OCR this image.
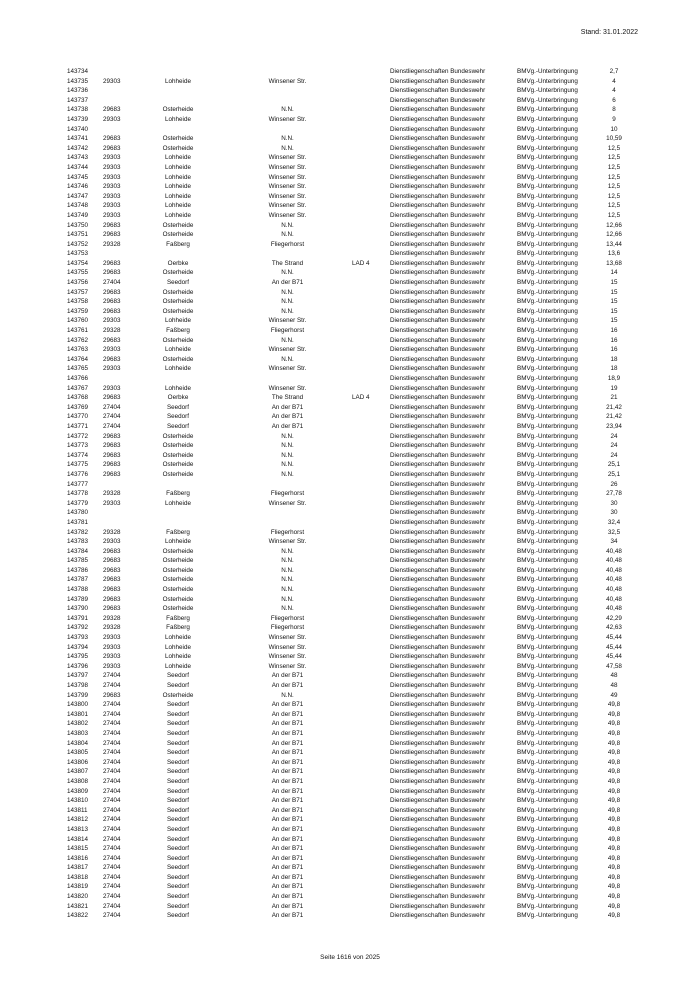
Stand: 31.01.2022
143734	Dienstliegenschaften Bundeswehr	BMVg.-Unterbringung	2,7
143735 29303	Lohheide	Winsener Str.	Dienstliegenschaften Bundeswehr	BMVg.-Unterbringung	4
143736	Dienstliegenschaften Bundeswehr	BMVg.-Unterbringung	4
143737	Dienstliegenschaften Bundeswehr	BMVg.-Unterbringung	6
143738 29683	Osterheide	N.N.	Dienstliegenschaften Bundeswehr	BMVg.-Unterbringung	8
143739 29303	Lohheide	Winsener Str.	Dienstliegenschaften Bundeswehr	BMVg.-Unterbringung	9
143740	Dienstliegenschaften Bundeswehr	BMVg.-Unterbringung	10
143741 29683	Osterheide	N.N.	Dienstliegenschaften Bundeswehr	BMVg.-Unterbringung	10,59
143742 29683	Osterheide	N.N.	Dienstliegenschaften Bundeswehr	BMVg.-Unterbringung	12,5
143743 29303	Lohheide	Winsener Str.	Dienstliegenschaften Bundeswehr	BMVg.-Unterbringung	12,5
143744 29303	Lohheide	Winsener Str.	Dienstliegenschaften Bundeswehr	BMVg.-Unterbringung	12,5
143745 29303	Lohheide	Winsener Str.	Dienstliegenschaften Bundeswehr	BMVg.-Unterbringung	12,5
143746 29303	Lohheide	Winsener Str.	Dienstliegenschaften Bundeswehr	BMVg.-Unterbringung	12,5
143747 29303	Lohheide	Winsener Str.	Dienstliegenschaften Bundeswehr	BMVg.-Unterbringung	12,5
143748 29303	Lohheide	Winsener Str.	Dienstliegenschaften Bundeswehr	BMVg.-Unterbringung	12,5
143749 29303	Lohheide	Winsener Str.	Dienstliegenschaften Bundeswehr	BMVg.-Unterbringung	12,5
143750 29683	Osterheide	N.N.	Dienstliegenschaften Bundeswehr	BMVg.-Unterbringung	12,66
143751 29683	Osterheide	N.N.	Dienstliegenschaften Bundeswehr	BMVg.-Unterbringung	12,66
143752 29328	Faßberg	Fliegerhorst	Dienstliegenschaften Bundeswehr	BMVg.-Unterbringung	13,44
143753	Dienstliegenschaften Bundeswehr	BMVg.-Unterbringung	13,6
143754 29683	Oerbke	The Strand	LAD 4	Dienstliegenschaften Bundeswehr	BMVg.-Unterbringung	13,68
143755 29683	Osterheide	N.N.	Dienstliegenschaften Bundeswehr	BMVg.-Unterbringung	14
143756 27404	Seedorf	An der B71	Dienstliegenschaften Bundeswehr	BMVg.-Unterbringung	15
143757 29683	Osterheide	N.N.	Dienstliegenschaften Bundeswehr	BMVg.-Unterbringung	15
143758 29683	Osterheide	N.N.	Dienstliegenschaften Bundeswehr	BMVg.-Unterbringung	15
143759 29683	Osterheide	N.N.	Dienstliegenschaften Bundeswehr	BMVg.-Unterbringung	15
143760 29303	Lohheide	Winsener Str.	Dienstliegenschaften Bundeswehr	BMVg.-Unterbringung	15
143761 29328	Faßberg	Fliegerhorst	Dienstliegenschaften Bundeswehr	BMVg.-Unterbringung	16
143762 29683	Osterheide	N.N.	Dienstliegenschaften Bundeswehr	BMVg.-Unterbringung	16
143763 29303	Lohheide	Winsener Str.	Dienstliegenschaften Bundeswehr	BMVg.-Unterbringung	16
143764 29683	Osterheide	N.N.	Dienstliegenschaften Bundeswehr	BMVg.-Unterbringung	18
143765 29303	Lohheide	Winsener Str.	Dienstliegenschaften Bundeswehr	BMVg.-Unterbringung	18
143766	Dienstliegenschaften Bundeswehr	BMVg.-Unterbringung	18,9
143767 29303	Lohheide	Winsener Str.	Dienstliegenschaften Bundeswehr	BMVg.-Unterbringung	19
143768 29683	Oerbke	The Strand	LAD 4	Dienstliegenschaften Bundeswehr	BMVg.-Unterbringung	21
143769 27404	Seedorf	An der B71	Dienstliegenschaften Bundeswehr	BMVg.-Unterbringung	21,42
143770 27404	Seedorf	An der B71	Dienstliegenschaften Bundeswehr	BMVg.-Unterbringung	21,42
143771 27404	Seedorf	An der B71	Dienstliegenschaften Bundeswehr	BMVg.-Unterbringung	23,94
143772 29683	Osterheide	N.N.	Dienstliegenschaften Bundeswehr	BMVg.-Unterbringung	24
143773 29683	Osterheide	N.N.	Dienstliegenschaften Bundeswehr	BMVg.-Unterbringung	24
143774 29683	Osterheide	N.N.	Dienstliegenschaften Bundeswehr	BMVg.-Unterbringung	24
143775 29683	Osterheide	N.N.	Dienstliegenschaften Bundeswehr	BMVg.-Unterbringung	25,1
143776 29683	Osterheide	N.N.	Dienstliegenschaften Bundeswehr	BMVg.-Unterbringung	25,1
143777	Dienstliegenschaften Bundeswehr	BMVg.-Unterbringung	26
143778 29328	Faßberg	Fliegerhorst	Dienstliegenschaften Bundeswehr	BMVg.-Unterbringung	27,78
143779 29303	Lohheide	Winsener Str.	Dienstliegenschaften Bundeswehr	BMVg.-Unterbringung	30
143780	Dienstliegenschaften Bundeswehr	BMVg.-Unterbringung	30
143781	Dienstliegenschaften Bundeswehr	BMVg.-Unterbringung	32,4
143782 29328	Faßberg	Fliegerhorst	Dienstliegenschaften Bundeswehr	BMVg.-Unterbringung	32,5
143783 29303	Lohheide	Winsener Str.	Dienstliegenschaften Bundeswehr	BMVg.-Unterbringung	34
143784 29683	Osterheide	N.N.	Dienstliegenschaften Bundeswehr	BMVg.-Unterbringung	40,48
143785 29683	Osterheide	N.N.	Dienstliegenschaften Bundeswehr	BMVg.-Unterbringung	40,48
143786 29683	Osterheide	N.N.	Dienstliegenschaften Bundeswehr	BMVg.-Unterbringung	40,48
143787 29683	Osterheide	N.N.	Dienstliegenschaften Bundeswehr	BMVg.-Unterbringung	40,48
143788 29683	Osterheide	N.N.	Dienstliegenschaften Bundeswehr	BMVg.-Unterbringung	40,48
143789 29683	Osterheide	N.N.	Dienstliegenschaften Bundeswehr	BMVg.-Unterbringung	40,48
143790 29683	Osterheide	N.N.	Dienstliegenschaften Bundeswehr	BMVg.-Unterbringung	40,48
143791 29328	Faßberg	Fliegerhorst	Dienstliegenschaften Bundeswehr	BMVg.-Unterbringung	42,29
143792 29328	Faßberg	Fliegerhorst	Dienstliegenschaften Bundeswehr	BMVg.-Unterbringung	42,63
143793 29303	Lohheide	Winsener Str.	Dienstliegenschaften Bundeswehr	BMVg.-Unterbringung	45,44
143794 29303	Lohheide	Winsener Str.	Dienstliegenschaften Bundeswehr	BMVg.-Unterbringung	45,44
143795 29303	Lohheide	Winsener Str.	Dienstliegenschaften Bundeswehr	BMVg.-Unterbringung	45,44
143796 29303	Lohheide	Winsener Str.	Dienstliegenschaften Bundeswehr	BMVg.-Unterbringung	47,58
143797 27404	Seedorf	An der B71	Dienstliegenschaften Bundeswehr	BMVg.-Unterbringung	48
143798 27404	Seedorf	An der B71	Dienstliegenschaften Bundeswehr	BMVg.-Unterbringung	48
143799 29683	Osterheide	N.N.	Dienstliegenschaften Bundeswehr	BMVg.-Unterbringung	49
143800 27404	Seedorf	An der B71	Dienstliegenschaften Bundeswehr	BMVg.-Unterbringung	49,8
143801 27404	Seedorf	An der B71	Dienstliegenschaften Bundeswehr	BMVg.-Unterbringung	49,8
143802 27404	Seedorf	An der B71	Dienstliegenschaften Bundeswehr	BMVg.-Unterbringung	49,8
143803 27404	Seedorf	An der B71	Dienstliegenschaften Bundeswehr	BMVg.-Unterbringung	49,8
143804 27404	Seedorf	An der B71	Dienstliegenschaften Bundeswehr	BMVg.-Unterbringung	49,8
143805 27404	Seedorf	An der B71	Dienstliegenschaften Bundeswehr	BMVg.-Unterbringung	49,8
143806 27404	Seedorf	An der B71	Dienstliegenschaften Bundeswehr	BMVg.-Unterbringung	49,8
143807 27404	Seedorf	An der B71	Dienstliegenschaften Bundeswehr	BMVg.-Unterbringung	49,8
143808 27404	Seedorf	An der B71	Dienstliegenschaften Bundeswehr	BMVg.-Unterbringung	49,8
143809 27404	Seedorf	An der B71	Dienstliegenschaften Bundeswehr	BMVg.-Unterbringung	49,8
143810 27404	Seedorf	An der B71	Dienstliegenschaften Bundeswehr	BMVg.-Unterbringung	49,8
143811 27404	Seedorf	An der B71	Dienstliegenschaften Bundeswehr	BMVg.-Unterbringung	49,8
143812 27404	Seedorf	An der B71	Dienstliegenschaften Bundeswehr	BMVg.-Unterbringung	49,8
143813 27404	Seedorf	An der B71	Dienstliegenschaften Bundeswehr	BMVg.-Unterbringung	49,8
143814 27404	Seedorf	An der B71	Dienstliegenschaften Bundeswehr	BMVg.-Unterbringung	49,8
143815 27404	Seedorf	An der B71	Dienstliegenschaften Bundeswehr	BMVg.-Unterbringung	49,8
143816 27404	Seedorf	An der B71	Dienstliegenschaften Bundeswehr	BMVg.-Unterbringung	49,8
143817 27404	Seedorf	An der B71	Dienstliegenschaften Bundeswehr	BMVg.-Unterbringung	49,8
143818 27404	Seedorf	An der B71	Dienstliegenschaften Bundeswehr	BMVg.-Unterbringung	49,8
143819 27404	Seedorf	An der B71	Dienstliegenschaften Bundeswehr	BMVg.-Unterbringung	49,8
143820 27404	Seedorf	An der B71	Dienstliegenschaften Bundeswehr	BMVg.-Unterbringung	49,8
143821 27404	Seedorf	An der B71	Dienstliegenschaften Bundeswehr	BMVg.-Unterbringung	49,8
143822 27404	Seedorf	An der B71	Dienstliegenschaften Bundeswehr	BMVg.-Unterbringung	49,8
Seite 1616 von 2025
